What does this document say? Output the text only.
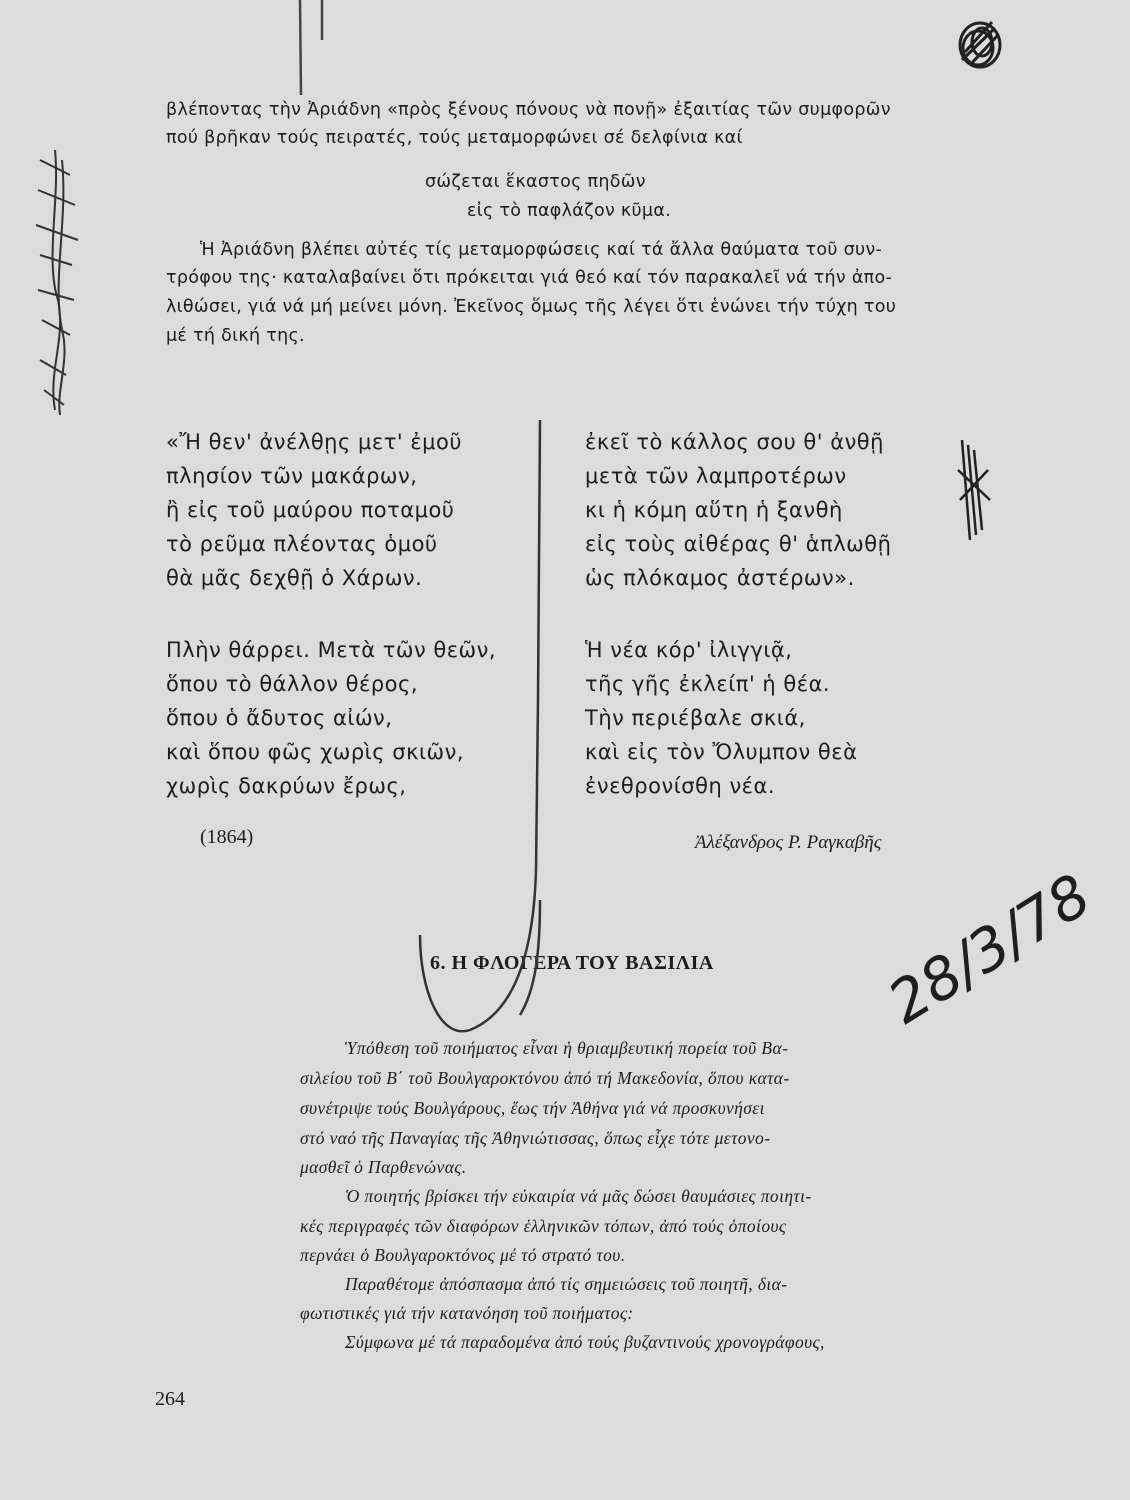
βλέποντας τὴν Ἀριάδνη «πρὸς ξένους πόνους νὰ πονῇ» ἐξαιτίας τῶν συμφορῶν
πού βρῆκαν τούς πειρατές, τούς μεταμορφώνει σέ δελφίνια καί
σώζεται ἕκαστος πηδῶν
εἰς τὸ παφλάζον κῦμα.
Ἡ Ἀριάδνη βλέπει αὐτές τίς μεταμορφώσεις καί τά ἄλλα θαύματα τοῦ συν-
τρόφου της· καταλαβαίνει ὅτι πρόκειται γιά θεό καί τόν παρακαλεῖ νά τήν ἀπο-
λιθώσει, γιά νά μή μείνει μόνη. Ἐκεῖνος ὅμως τῆς λέγει ὅτι ἑνώνει τήν τύχη του
μέ τή δική της.
«Ἤ θεν' ἀνέλθῃς μετ' ἐμοῦ
πλησίον τῶν μακάρων,
ἢ εἰς τοῦ μαύρου ποταμοῦ
τὸ ρεῦμα πλέοντας ὁμοῦ
θὰ μᾶς δεχθῇ ὁ Χάρων.
Πλὴν θάρρει. Μετὰ τῶν θεῶν,
ὅπου τὸ θάλλον θέρος,
ὅπου ὁ ἄδυτος αἰών,
καὶ ὅπου φῶς χωρὶς σκιῶν,
χωρὶς δακρύων ἔρως,
ἐκεῖ τὸ κάλλος σου θ' ἀνθῇ
μετὰ τῶν λαμπροτέρων
κι ἡ κόμη αὕτη ἡ ξανθὴ
εἰς τοὺς αἰθέρας θ' ἁπλωθῇ
ὡς πλόκαμος ἀστέρων».
Ἡ νέα κόρ' ἰλιγγιᾷ,
τῆς γῆς ἐκλείπ' ἡ θέα.
Τὴν περιέβαλε σκιά,
καὶ εἰς τὸν Ὄλυμπον θεὰ
ἐνεθρονίσθη νέα.
(1864)	Ἀλέξανδρος Ρ. Ραγκαβῆς
6. Η ΦΛΟΓΕΡΑ ΤΟΥ ΒΑΣΙΛΙΑ
Ὑπόθεση τοῦ ποιήματος εἶναι ἡ θριαμβευτική πορεία τοῦ Βα-
σιλείου τοῦ Β΄ τοῦ Βουλγαροκτόνου ἀπό τή Μακεδονία, ὅπου κατα-
συνέτριψε τούς Βουλγάρους, ἕως τήν Ἀθήνα γιά νά προσκυνήσει
στό ναό τῆς Παναγίας τῆς Ἀθηνιώτισσας, ὅπως εἶχε τότε μετονο-
μασθεῖ ὁ Παρθενώνας.
Ὁ ποιητής βρίσκει τήν εὐκαιρία νά μᾶς δώσει θαυμάσιες ποιητι-
κές περιγραφές τῶν διαφόρων ἑλληνικῶν τόπων, ἀπό τούς ὁποίους
περνάει ὁ Βουλγαροκτόνος μέ τό στρατό του.
Παραθέτομε ἀπόσπασμα ἀπό τίς σημειώσεις τοῦ ποιητῆ, δια-
φωτιστικές γιά τήν κατανόηση τοῦ ποιήματος:
Σύμφωνα μέ τά παραδομένα ἀπό τούς βυζαντινούς χρονογράφους,
264
28/3/78
